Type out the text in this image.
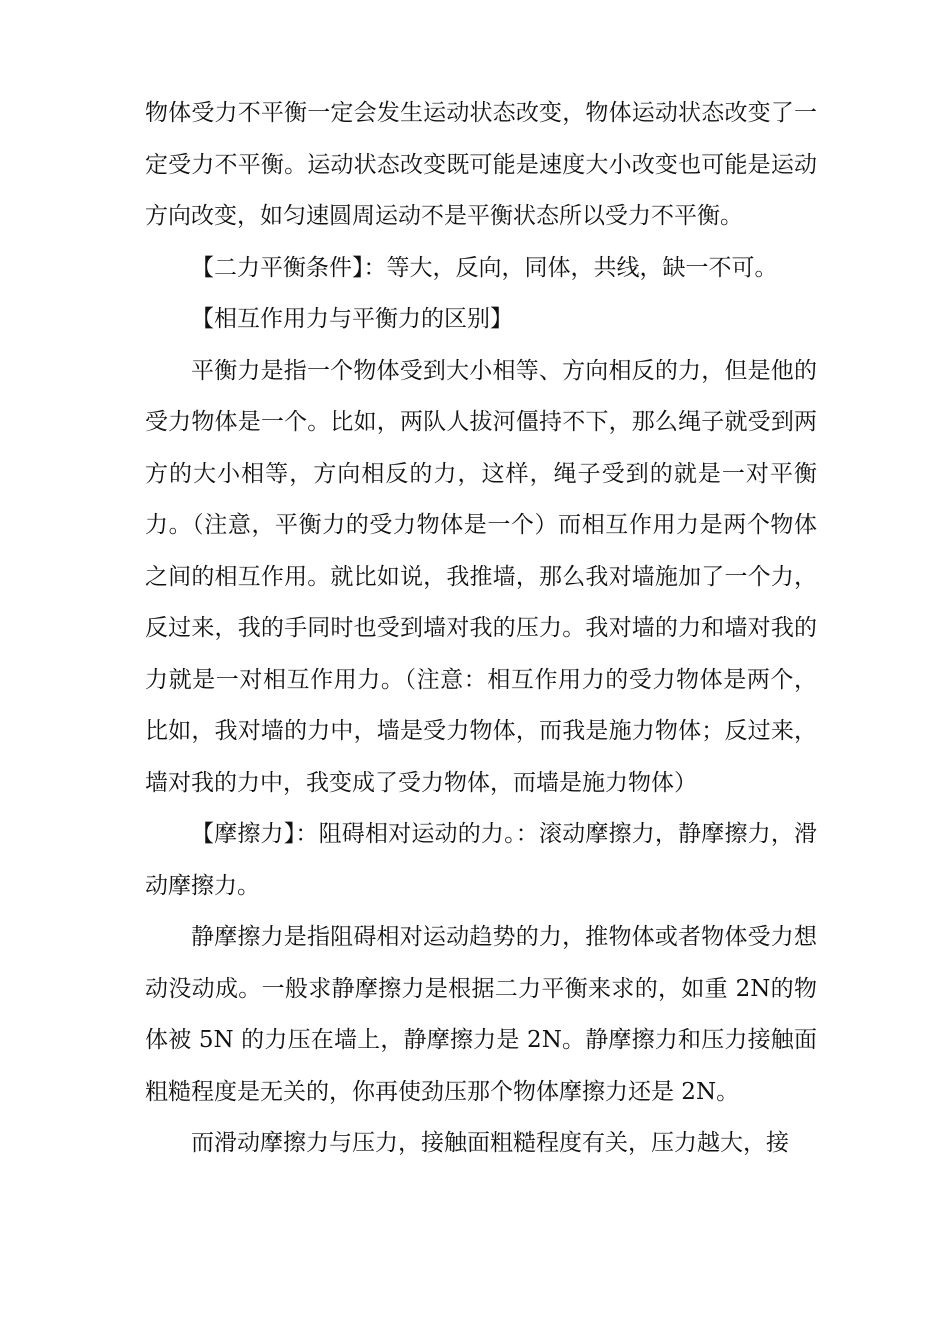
物体受力不平衡一定会发生运动状态改变，物体运动状态改变了一定受力不平衡。运动状态改变既可能是速度大小改变也可能是运动方向改变，如匀速圆周运动不是平衡状态所以受力不平衡。

【二力平衡条件】：等大，反向，同体，共线，缺一不可。

【相互作用力与平衡力的区别】

平衡力是指一个物体受到大小相等、方向相反的力，但是他的受力物体是一个。比如，两队人拔河僵持不下，那么绳子就受到两方的大小相等，方向相反的力，这样，绳子受到的就是一对平衡力。（注意，平衡力的受力物体是一个）而相互作用力是两个物体之间的相互作用。就比如说，我推墙，那么我对墙施加了一个力，反过来，我的手同时也受到墙对我的压力。我对墙的力和墙对我的力就是一对相互作用力。（注意：相互作用力的受力物体是两个，比如，我对墙的力中，墙是受力物体，而我是施力物体；反过来，墙对我的力中，我变成了受力物体，而墙是施力物体）

【摩擦力】：阻碍相对运动的力。：滚动摩擦力，静摩擦力，滑动摩擦力。

静摩擦力是指阻碍相对运动趋势的力，推物体或者物体受力想动没动成。一般求静摩擦力是根据二力平衡来求的，如重 2N的物体被 5N 的力压在墙上，静摩擦力是 2N。静摩擦力和压力接触面粗糙程度是无关的，你再使劲压那个物体摩擦力还是 2N。

而滑动摩擦力与压力，接触面粗糙程度有关，压力越大，接
